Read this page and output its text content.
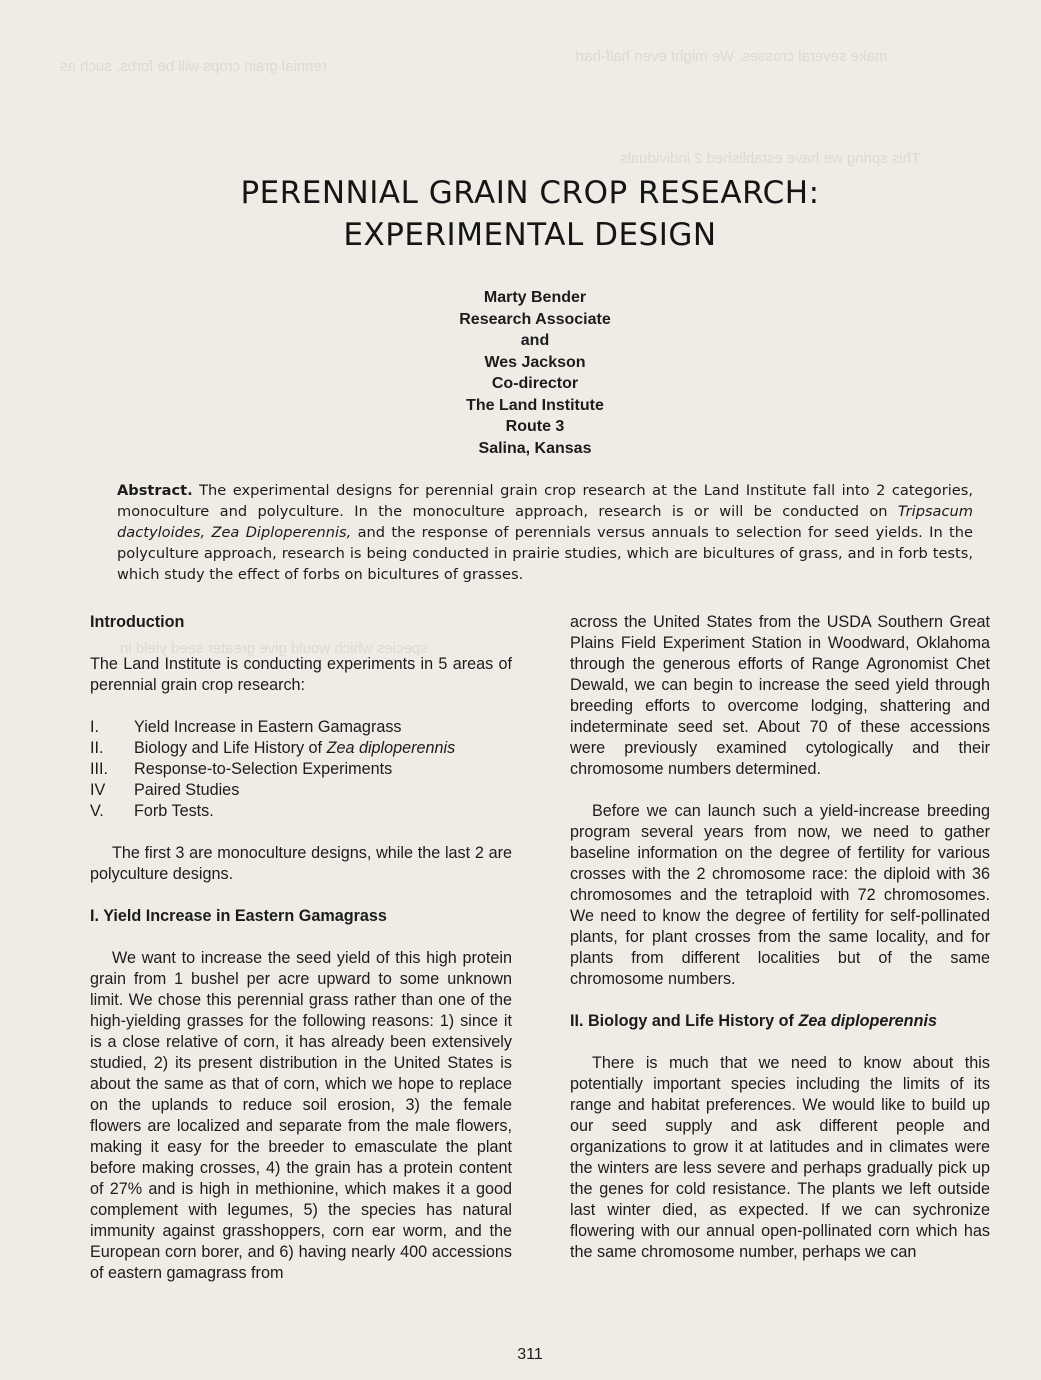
make several crosses. We might even half-hart
rennial grain crops will be forbs, such as
This spring we have established 2 individuals
species which would give greater seed yield in
PERENNIAL GRAIN CROP RESEARCH:
EXPERIMENTAL DESIGN
Marty Bender
Research Associate
and
Wes Jackson
Co-director
The Land Institute
Route 3
Salina, Kansas
Abstract. The experimental designs for perennial grain crop research at the Land Institute fall into 2 categories, monoculture and polyculture. In the monoculture approach, research is or will be conducted on Tripsacum dactyloides, Zea Diploperennis, and the response of perennials versus annuals to selection for seed yields. In the polyculture approach, research is being conducted in prairie studies, which are bicultures of grass, and in forb tests, which study the effect of forbs on bicultures of grasses.

Introduction

The Land Institute is conducting experiments in 5 areas of perennial grain crop research:

I.	Yield Increase in Eastern Gamagrass
II.	Biology and Life History of Zea diploperennis
III.	Response-to-Selection Experiments
IV	Paired Studies
V.	Forb Tests.

The first 3 are monoculture designs, while the last 2 are polyculture designs.

I. Yield Increase in Eastern Gamagrass

We want to increase the seed yield of this high protein grain from 1 bushel per acre upward to some unknown limit. We chose this perennial grass rather than one of the high-yielding grasses for the following reasons: 1) since it is a close relative of corn, it has already been extensively studied, 2) its present distribution in the United States is about the same as that of corn, which we hope to replace on the uplands to reduce soil erosion, 3) the female flowers are localized and separate from the male flowers, making it easy for the breeder to emasculate the plant before making crosses, 4) the grain has a protein content of 27% and is high in methionine, which makes it a good complement with legumes, 5) the species has natural immunity against grasshoppers, corn ear worm, and the European corn borer, and 6) having nearly 400 accessions of eastern gamagrass from

across the United States from the USDA Southern Great Plains Field Experiment Station in Woodward, Oklahoma through the generous efforts of Range Agronomist Chet Dewald, we can begin to increase the seed yield through breeding efforts to overcome lodging, shattering and indeterminate seed set. About 70 of these accessions were previously examined cytologically and their chromosome numbers determined.

Before we can launch such a yield-increase breeding program several years from now, we need to gather baseline information on the degree of fertility for various crosses with the 2 chromosome race: the diploid with 36 chromosomes and the tetraploid with 72 chromosomes. We need to know the degree of fertility for self-pollinated plants, for plant crosses from the same locality, and for plants from different localities but of the same chromosome numbers.

II. Biology and Life History of Zea diploperennis

There is much that we need to know about this potentially important species including the limits of its range and habitat preferences. We would like to build up our seed supply and ask different people and organizations to grow it at latitudes and in climates were the winters are less severe and perhaps gradually pick up the genes for cold resistance. The plants we left outside last winter died, as expected. If we can sychronize flowering with our annual open-pollinated corn which has the same chromosome number, perhaps we can

311
